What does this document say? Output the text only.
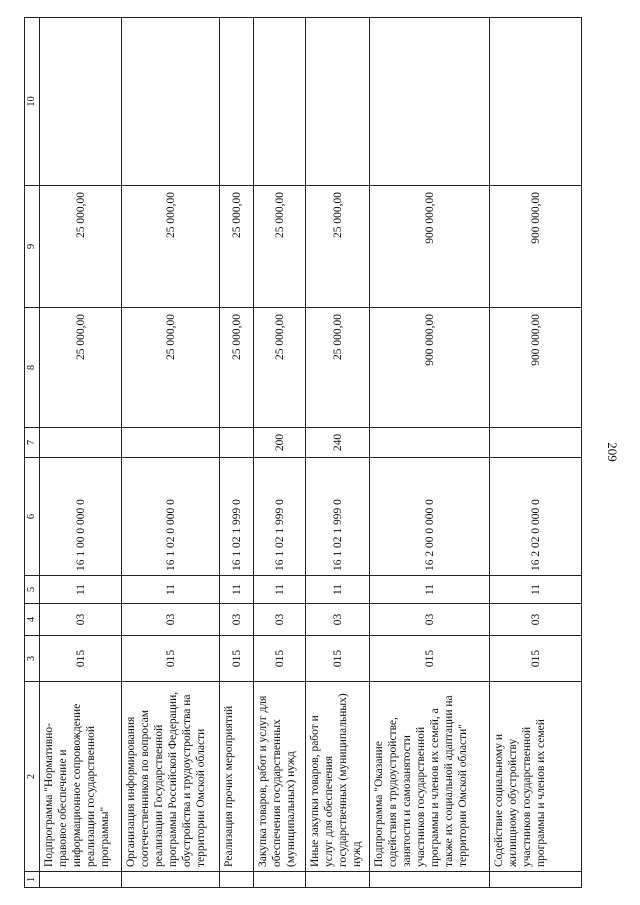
209
1	2	3	4	5	6	7	8	9	10
	Подпрограмма "Нормативно-правовое обеспечение и информационное сопровождение реализации государственной программы"	015	03	11	16 1 00 0 000 0		25 000,00	25 000,00	
	Организация информирования соотечественников по вопросам реализации Государственной программы Российской Федерации, обустройства и трудоустройства на территории Омской области	015	03	11	16 1 02 0 000 0		25 000,00	25 000,00	
	Реализация прочих мероприятий	015	03	11	16 1 02 1 999 0		25 000,00	25 000,00	
	Закупка товаров, работ и услуг для обеспечения государственных (муниципальных) нужд	015	03	11	16 1 02 1 999 0	200	25 000,00	25 000,00	
	Иные закупки товаров, работ и услуг для обеспечения государственных (муниципальных) нужд	015	03	11	16 1 02 1 999 0	240	25 000,00	25 000,00	
	Подпрограмма "Оказание содействия в трудоустройстве, занятости и самозанятости участников государственной программы и членов их семей, а также их социальной адаптации на территории Омской области"	015	03	11	16 2 00 0 000 0		900 000,00	900 000,00	
	Содействие социальному и жилищному обустройству участников государственной программы и членов их семей	015	03	11	16 2 02 0 000 0		900 000,00	900 000,00	
